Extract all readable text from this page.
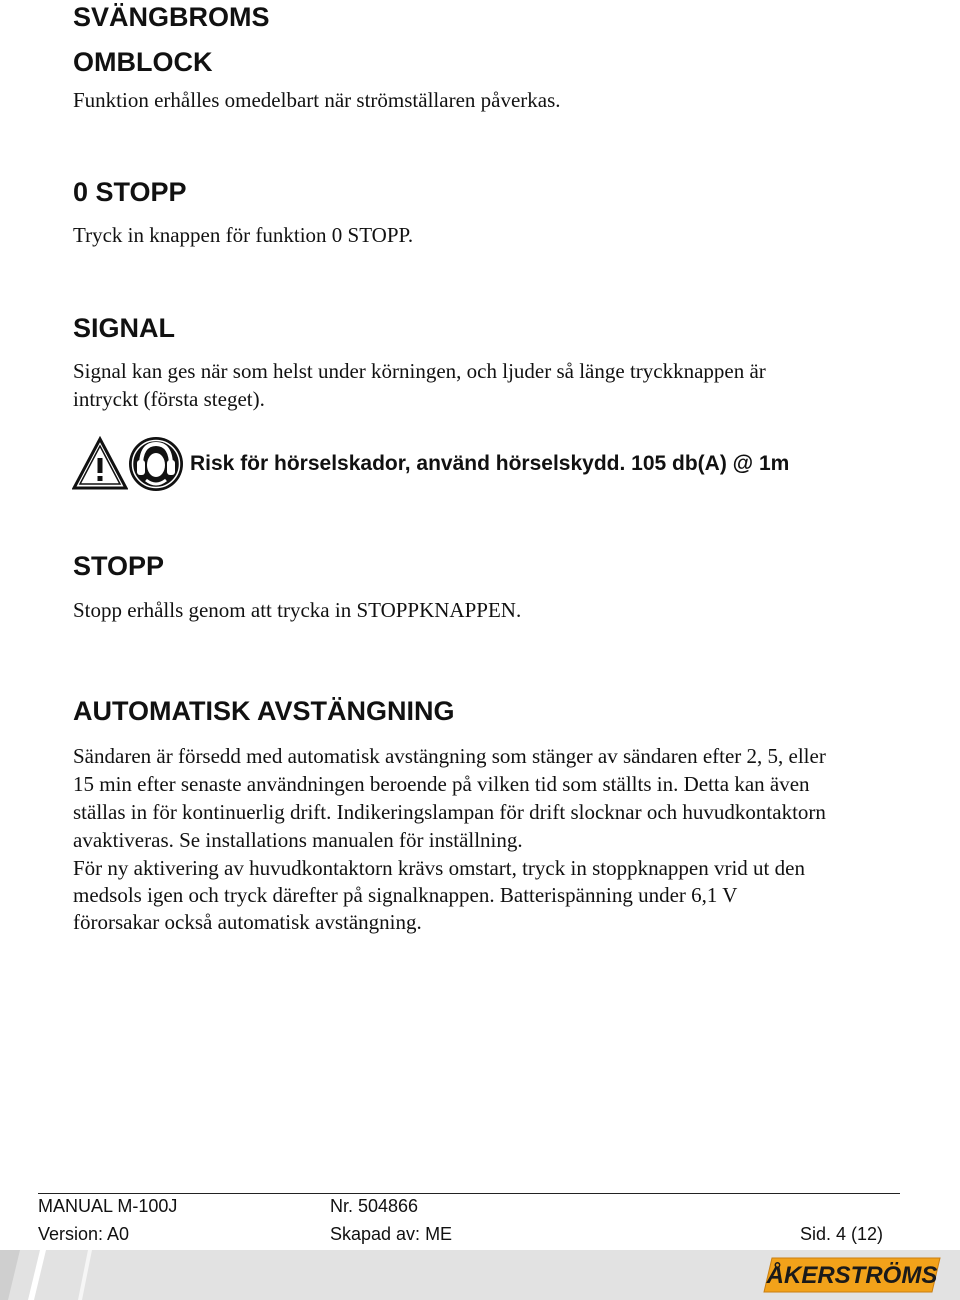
SVÄNGBROMS
OMBLOCK

Funktion erhålles omedelbart när strömställaren påverkas.

0 STOPP

Tryck in knappen för funktion 0 STOPP.

SIGNAL

Signal kan ges när som helst under körningen, och ljuder så länge tryckknappen är

intryckt (första steget).

Risk för hörselskador, använd hörselskydd. 105 db(A) @ 1m
STOPP

Stopp erhålls genom att trycka in STOPPKNAPPEN.

AUTOMATISK AVSTÄNGNING

Sändaren är försedd med automatisk avstängning som stänger av sändaren efter 2, 5, eller

15 min efter senaste användningen beroende på vilken tid som ställts in. Detta kan även

ställas in för kontinuerlig drift. Indikeringslampan för drift slocknar och huvudkontaktorn

avaktiveras. Se installations manualen för inställning.

För ny aktivering av huvudkontaktorn krävs omstart, tryck in stoppknappen vrid ut den

medsols igen och tryck därefter på signalknappen. Batterispänning under 6,1 V

förorsakar också automatisk avstängning.

MANUAL M-100J	Nr. 504866
Version: A0	Skapad av: ME	Sid. 4 (12)
ÅKERSTRÖMS
